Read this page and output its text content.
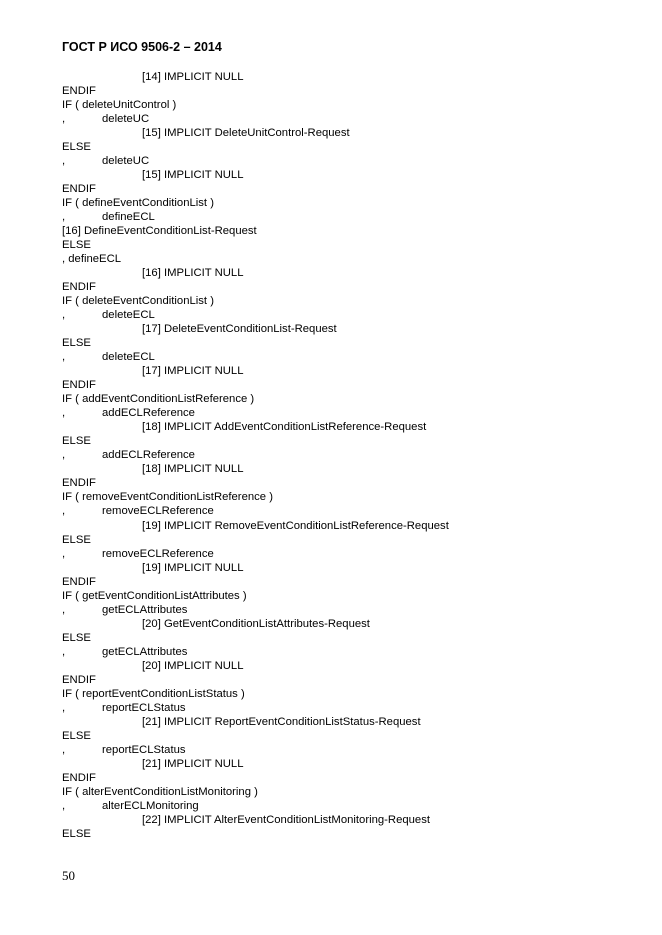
ГОСТ Р ИСО 9506-2 – 2014
[14] IMPLICIT NULL
ENDIF
IF ( deleteUnitControl )
,	deleteUC
[15] IMPLICIT DeleteUnitControl-Request
ELSE
,	deleteUC
[15] IMPLICIT NULL
ENDIF
IF ( defineEventConditionList )
,	defineECL
[16] DefineEventConditionList-Request
ELSE
, defineECL
[16] IMPLICIT NULL
ENDIF
IF ( deleteEventConditionList )
,	deleteECL
[17] DeleteEventConditionList-Request
ELSE
,	deleteECL
[17] IMPLICIT NULL
ENDIF
IF ( addEventConditionListReference )
,	addECLReference
[18] IMPLICIT AddEventConditionListReference-Request
ELSE
,	addECLReference
[18] IMPLICIT NULL
ENDIF
IF ( removeEventConditionListReference )
,	removeECLReference
[19] IMPLICIT RemoveEventConditionListReference-Request
ELSE
,	removeECLReference
[19] IMPLICIT NULL
ENDIF
IF ( getEventConditionListAttributes )
,	getECLAttributes
[20] GetEventConditionListAttributes-Request
ELSE
,	getECLAttributes
[20] IMPLICIT NULL
ENDIF
IF ( reportEventConditionListStatus )
,	reportECLStatus
[21] IMPLICIT ReportEventConditionListStatus-Request
ELSE
,	reportECLStatus
[21] IMPLICIT NULL
ENDIF
IF ( alterEventConditionListMonitoring )
,	alterECLMonitoring
[22] IMPLICIT AlterEventConditionListMonitoring-Request
ELSE
50
